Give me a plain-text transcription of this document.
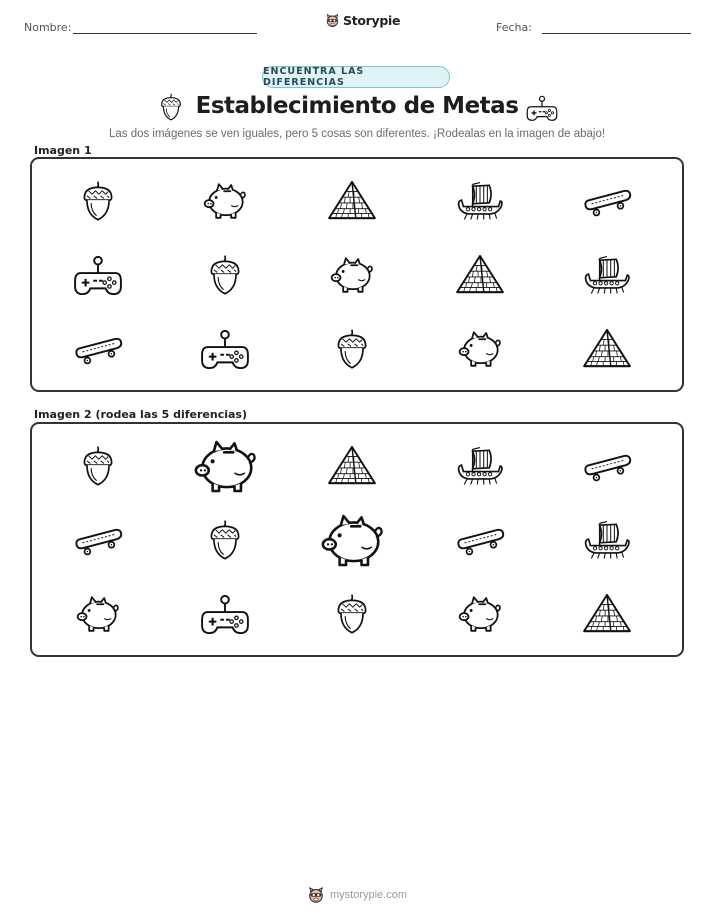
Nombre:	Storypie	Fecha:
ENCUENTRA LAS DIFERENCIAS
Establecimiento de Metas
Las dos imágenes se ven iguales, pero 5 cosas son diferentes. ¡Rodealas en la imagen de abajo!
Imagen 1
Imagen 2 (rodea las 5 diferencias)
mystorypie.com
